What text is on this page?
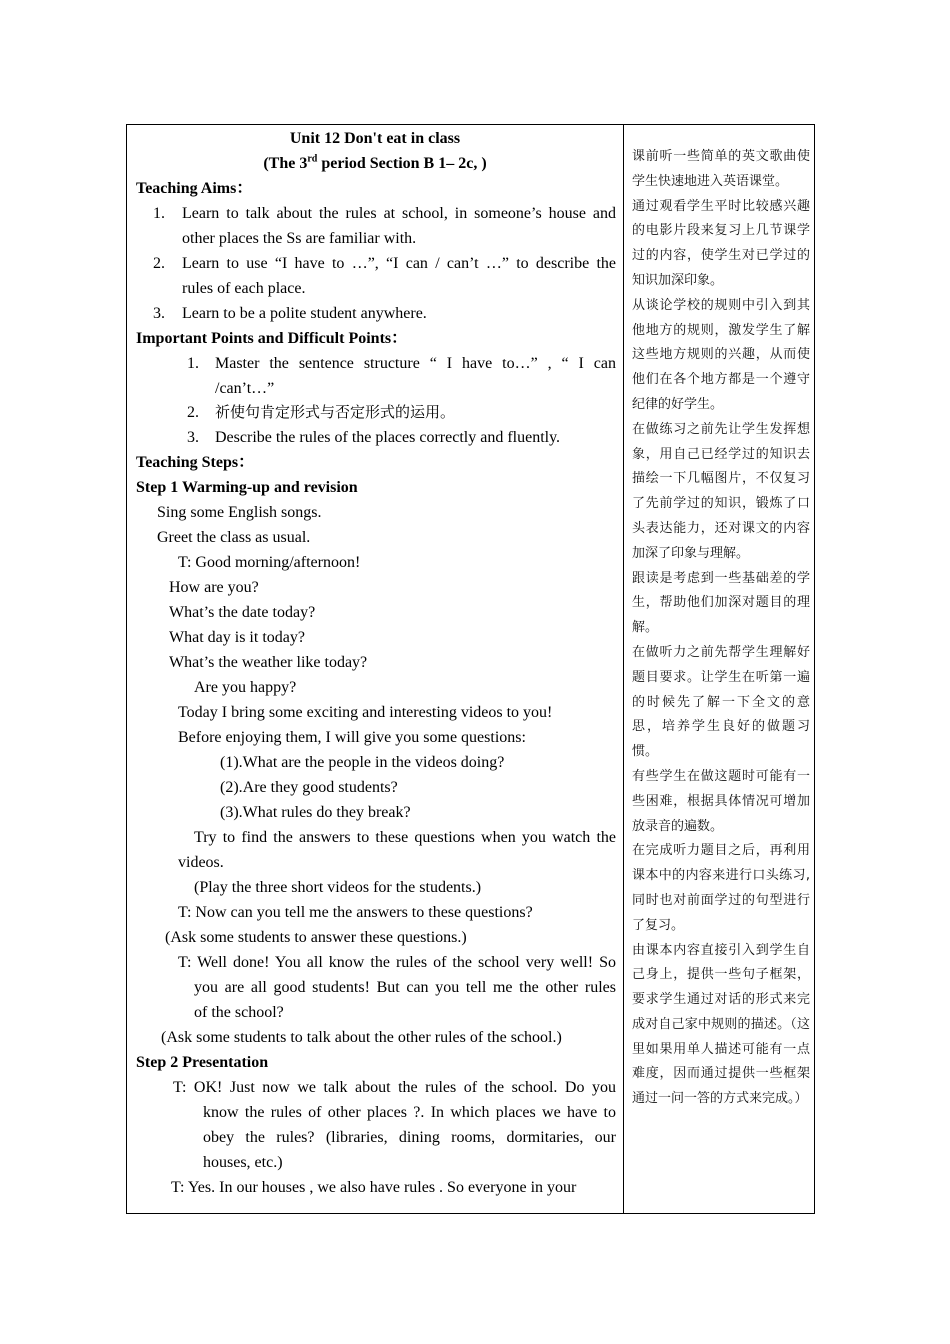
Unit 12 Don't eat in class
(The 3rd period Section B 1– 2c, )
Teaching Aims：
1. Learn to talk about the rules at school, in someone’s house and
other places the Ss are familiar with.
2. Learn to use “I have to …”, “I can / can’t …” to describe the
rules of each place.
3. Learn to be a polite student anywhere.
Important Points and Difficult Points：
1. Master the sentence structure “ I have to…” , “ I can
/can’t…”
2. 祈使句肯定形式与否定形式的运用。
3. Describe the rules of the places correctly and fluently.
Teaching Steps：
Step 1 Warming-up and revision
Sing some English songs.
Greet the class as usual.
T: Good morning/afternoon!
How are you?
What’s the date today?
What day is it today?
What’s the weather like today?
Are you happy?
Today I bring some exciting and interesting videos to you!
Before enjoying them, I will give you some questions:
(1).What are the people in the videos doing?
(2).Are they good students?
(3).What rules do they break?
Try to find the answers to these questions when you watch the
videos.
(Play the three short videos for the students.)
T: Now can you tell me the answers to these questions?
(Ask some students to answer these questions.)
T: Well done! You all know the rules of the school very well! So
you are all good students! But can you tell me the other rules
of the school?
(Ask some students to talk about the other rules of the school.)
Step 2 Presentation
T: OK! Just now we talk about the rules of the school. Do you
know the rules of other places ?. In which places we have to
obey the rules? (libraries, dining rooms, dormitaries, our
houses, etc.)
T: Yes. In our houses , we also have rules . So everyone in your

课前听一些简单的英文歌曲使学生快速地进入英语课堂。

通过观看学生平时比较感兴趣的电影片段来复习上几节课学过的内容，使学生对已学过的知识加深印象。

从谈论学校的规则中引入到其他地方的规则，激发学生了解这些地方规则的兴趣，从而使他们在各个地方都是一个遵守纪律的好学生。

在做练习之前先让学生发挥想象，用自己已经学过的知识去描绘一下几幅图片，不仅复习了先前学过的知识，锻炼了口头表达能力，还对课文的内容加深了印象与理解。

跟读是考虑到一些基础差的学生，帮助他们加深对题目的理解。

在做听力之前先帮学生理解好题目要求。让学生在听第一遍的时候先了解一下全文的意思，培养学生良好的做题习惯。

有些学生在做这题时可能有一些困难，根据具体情况可增加放录音的遍数。

在完成听力题目之后，再利用课本中的内容来进行口头练习,同时也对前面学过的句型进行了复习。

由课本内容直接引入到学生自己身上，提供一些句子框架，要求学生通过对话的形式来完成对自己家中规则的描述。（这里如果用单人描述可能有一点难度，因而通过提供一些框架通过一问一答的方式来完成。）
